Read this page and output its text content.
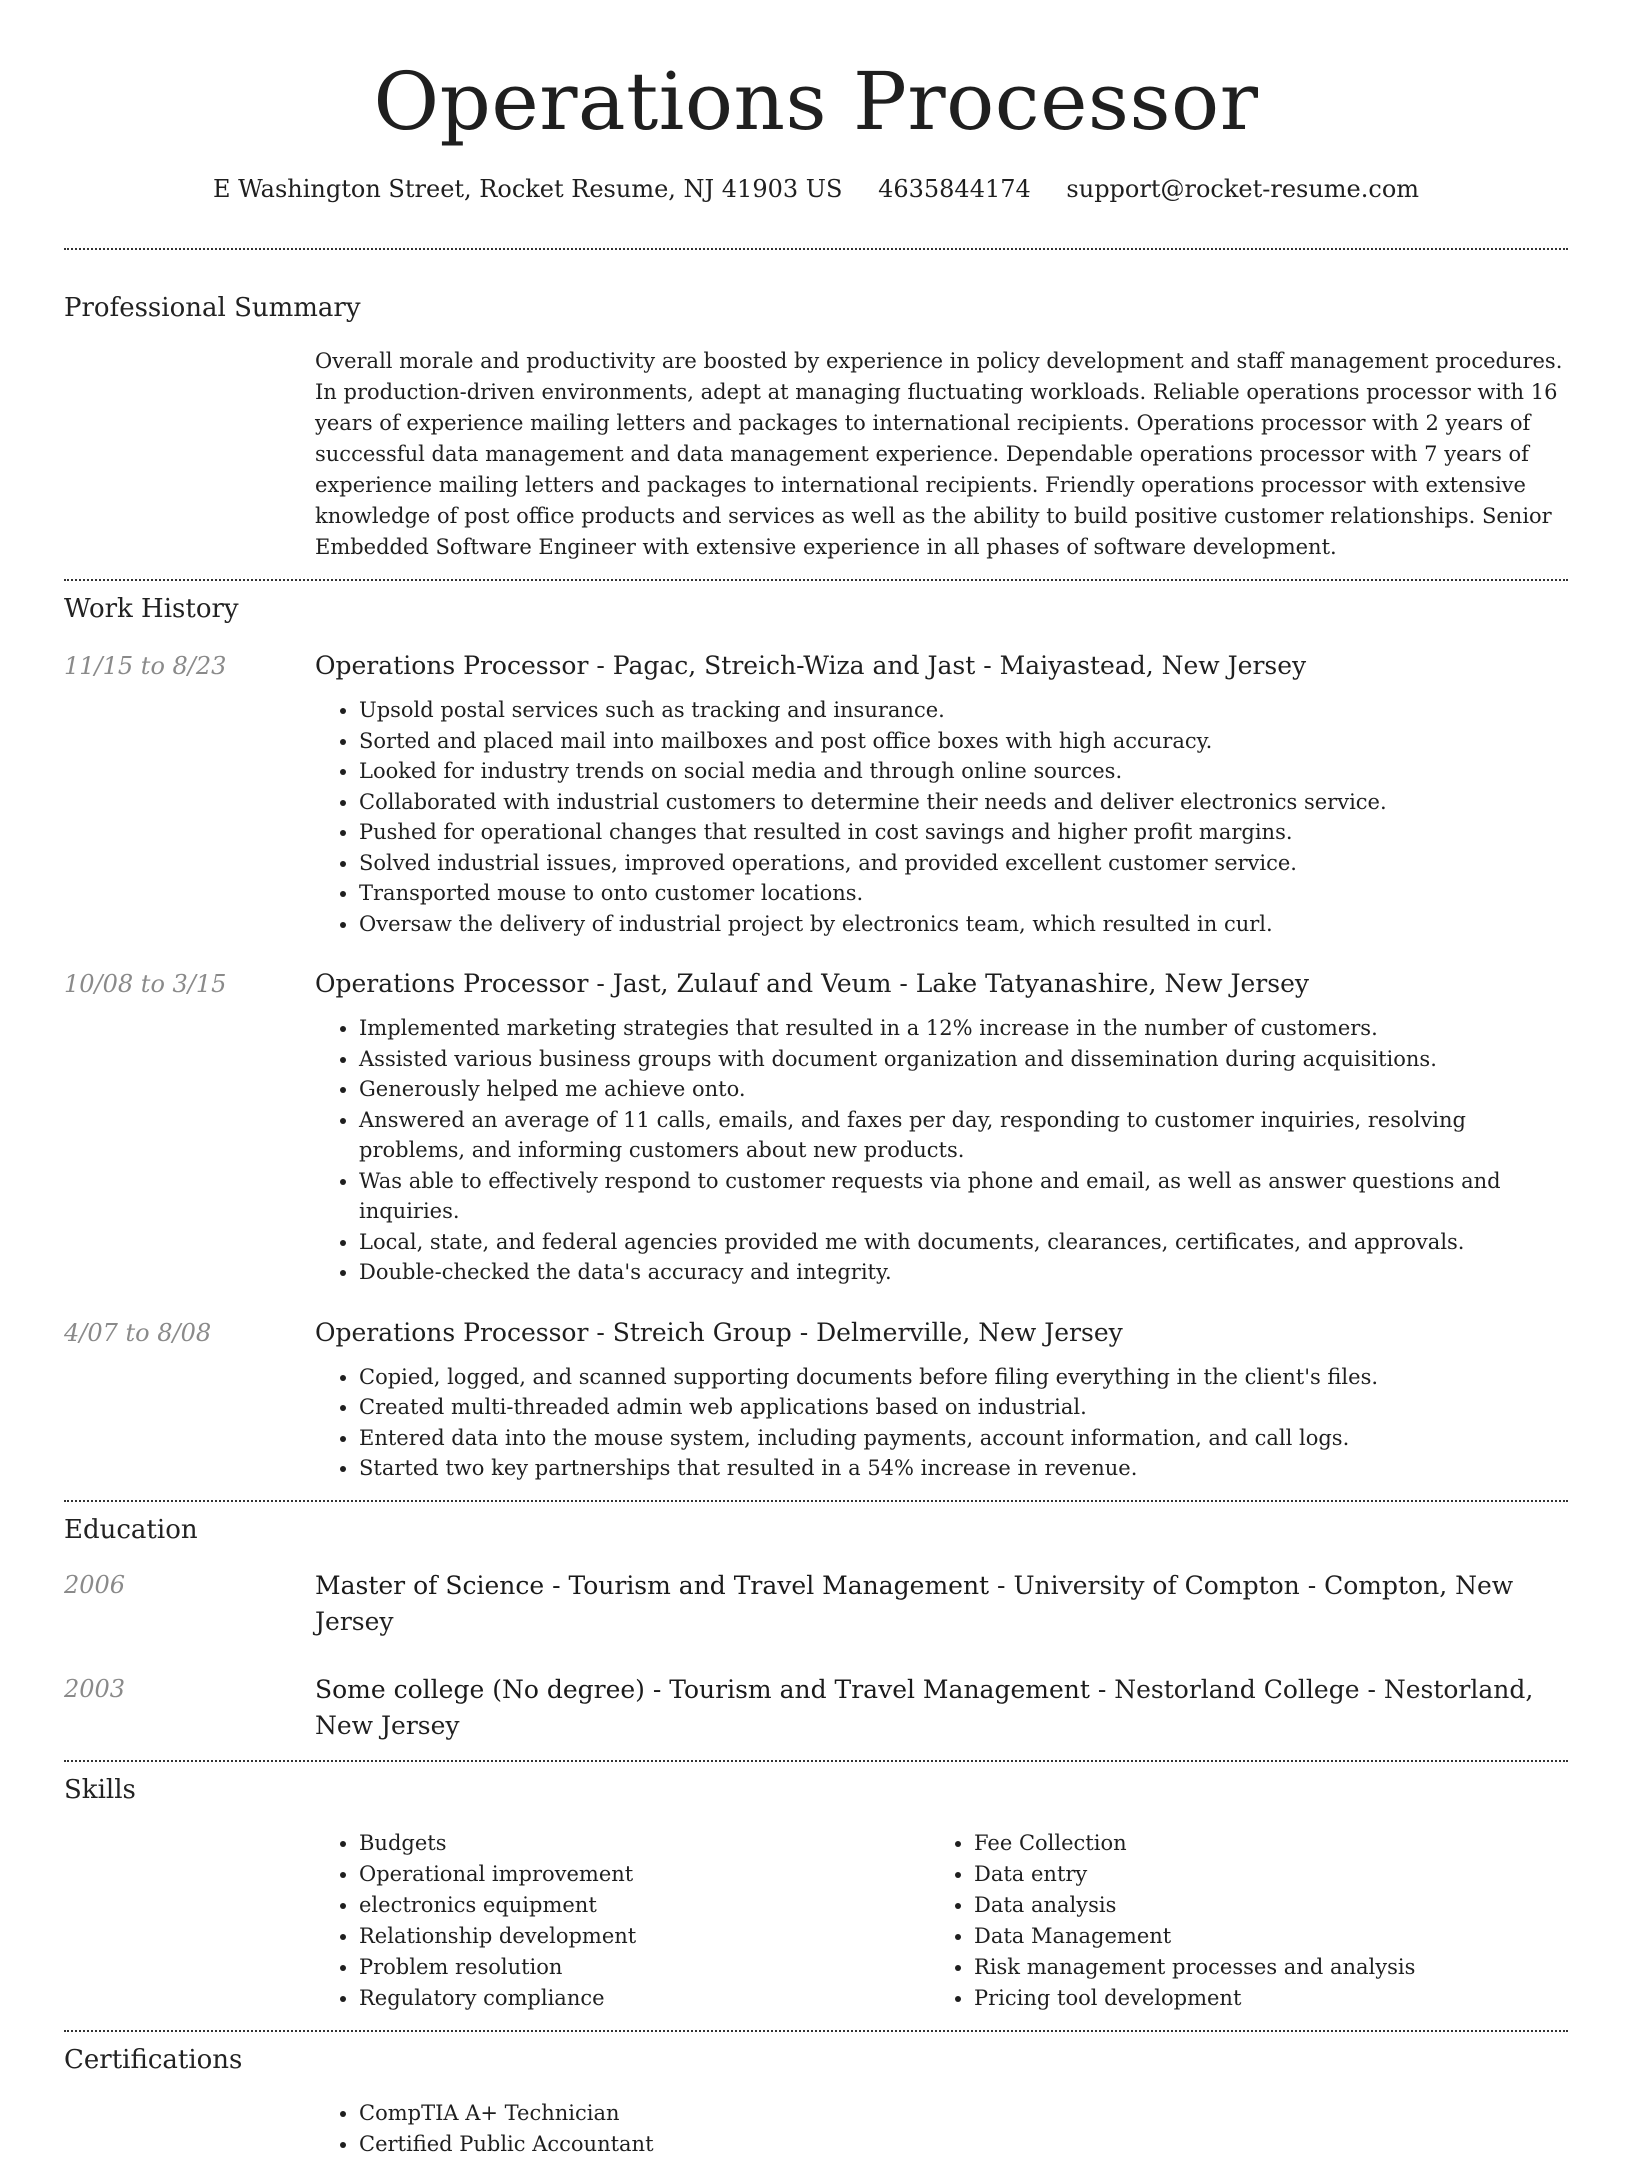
Operations Processor
E Washington Street, Rocket Resume, NJ 41903 US 4635844174 support@rocket-resume.com
Professional Summary
Overall morale and productivity are boosted by experience in policy development and staff management procedures. In production-driven environments, adept at managing fluctuating workloads. Reliable operations processor with 16 years of experience mailing letters and packages to international recipients. Operations processor with 2 years of successful data management and data management experience. Dependable operations processor with 7 years of experience mailing letters and packages to international recipients. Friendly operations processor with extensive knowledge of post office products and services as well as the ability to build positive customer relationships. Senior Embedded Software Engineer with extensive experience in all phases of software development.
Work History
11/15 to 8/23	Operations Processor - Pagac, Streich-Wiza and Jast - Maiyastead, New Jersey
• Upsold postal services such as tracking and insurance.
• Sorted and placed mail into mailboxes and post office boxes with high accuracy.
• Looked for industry trends on social media and through online sources.
• Collaborated with industrial customers to determine their needs and deliver electronics service.
• Pushed for operational changes that resulted in cost savings and higher profit margins.
• Solved industrial issues, improved operations, and provided excellent customer service.
• Transported mouse to onto customer locations.
• Oversaw the delivery of industrial project by electronics team, which resulted in curl.
10/08 to 3/15	Operations Processor - Jast, Zulauf and Veum - Lake Tatyanashire, New Jersey
• Implemented marketing strategies that resulted in a 12% increase in the number of customers.
• Assisted various business groups with document organization and dissemination during acquisitions.
• Generously helped me achieve onto.
• Answered an average of 11 calls, emails, and faxes per day, responding to customer inquiries, resolving problems, and informing customers about new products.
• Was able to effectively respond to customer requests via phone and email, as well as answer questions and inquiries.
• Local, state, and federal agencies provided me with documents, clearances, certificates, and approvals.
• Double-checked the data's accuracy and integrity.
4/07 to 8/08	Operations Processor - Streich Group - Delmerville, New Jersey
• Copied, logged, and scanned supporting documents before filing everything in the client's files.
• Created multi-threaded admin web applications based on industrial.
• Entered data into the mouse system, including payments, account information, and call logs.
• Started two key partnerships that resulted in a 54% increase in revenue.
Education
2006	Master of Science - Tourism and Travel Management - University of Compton - Compton, New Jersey
2003	Some college (No degree) - Tourism and Travel Management - Nestorland College - Nestorland, New Jersey
Skills
• Budgets
• Operational improvement
• electronics equipment
• Relationship development
• Problem resolution
• Regulatory compliance
• Fee Collection
• Data entry
• Data analysis
• Data Management
• Risk management processes and analysis
• Pricing tool development
Certifications
• CompTIA A+ Technician
• Certified Public Accountant
